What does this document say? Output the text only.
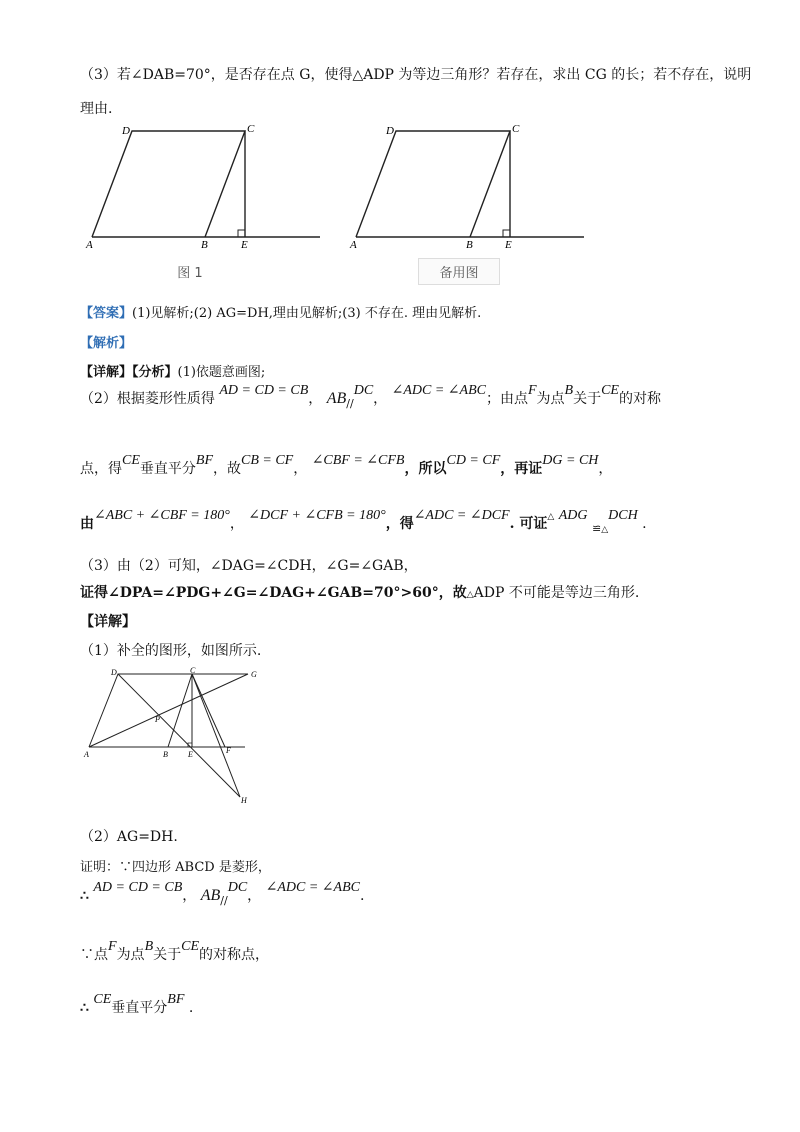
（3）若∠DAB=70°，是否存在点 G，使得△ADP 为等边三角形？若存在，求出 CG 的长；若不存在，说明
理由.
D	C
A	B	E
图 1
D	C
A	B	E
备用图
【答案】(1)见解析;(2) AG=DH,理由见解析;(3) 不存在. 理由见解析.
【解析】
【详解】【分析】(1)依题意画图;
（2）根据菱形性质得 AD = CD = CB， $AB_{//}DC$， ∠ADC = ∠ABC；由点F为点B关于CE的对称
点，得CE垂直平分BF，故CB = CF， ∠CBF = ∠CFB，所以CD = CF，再证DG = CH，
由∠ABC + ∠CBF = 180°， ∠DCF + ∠CFB = 180°，得∠ADC = ∠DCF. 可证△ ADG $_{≌\triangle}$DCH .
（3）由（2）可知，∠DAG=∠CDH，∠G=∠GAB，
证得∠DPA=∠PDG+∠G=∠DAG+∠GAB=70°>60°，故△ADP 不可能是等边三角形.
【详解】
（1）补全的图形，如图所示.
D	C	G
P
A	B	E	F
H
（2）AG=DH.
证明：∵四边形 ABCD 是菱形，
∴ AD = CD = CB， $AB_{//}DC$， ∠ADC = ∠ABC.
∵点F为点B关于CE的对称点，
∴ CE垂直平分BF .
